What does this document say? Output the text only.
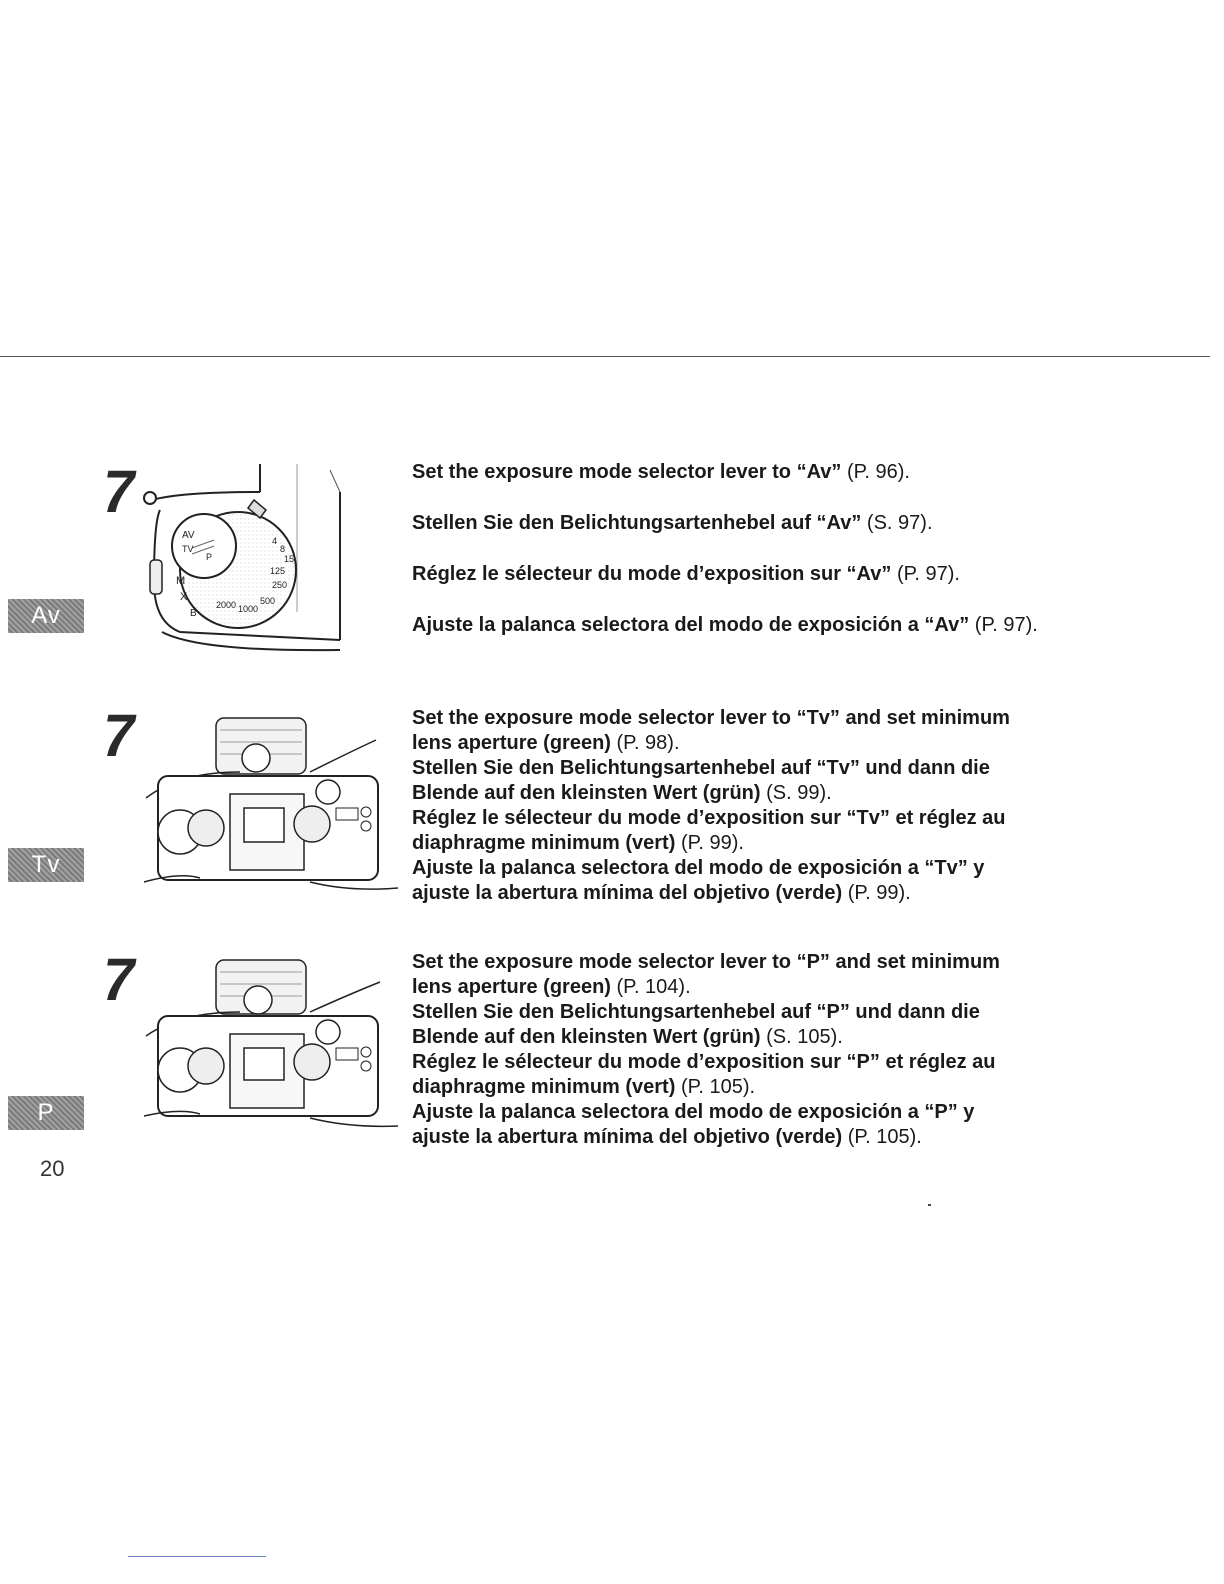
7
Av
AV
TV
P
M
X
B
4
8
15
125
250
500
1000
2000
Set the exposure mode selector lever to “Av” (P. 96).
Stellen Sie den Belichtungsartenhebel auf “Av” (S. 97).
Réglez le sélecteur du mode d’exposition sur “Av” (P. 97).
Ajuste la palanca selectora del modo de exposición a “Av” (P. 97).
7
Tv
Set the exposure mode selector lever to “Tv” and set minimum
lens aperture (green) (P. 98).
Stellen Sie den Belichtungsartenhebel auf “Tv” und dann die
Blende auf den kleinsten Wert (grün) (S. 99).
Réglez le sélecteur du mode d’exposition sur “Tv” et réglez au
diaphragme minimum (vert) (P. 99).
Ajuste la palanca selectora del modo de exposición a “Tv” y
ajuste la abertura mínima del objetivo (verde) (P. 99).
7
P
Set the exposure mode selector lever to “P” and set minimum
lens aperture (green) (P. 104).
Stellen Sie den Belichtungsartenhebel auf “P” und dann die
Blende auf den kleinsten Wert (grün) (S. 105).
Réglez le sélecteur du mode d’exposition sur “P” et réglez au
diaphragme minimum (vert) (P. 105).
Ajuste la palanca selectora del modo de exposición a “P” y
ajuste la abertura mínima del objetivo (verde) (P. 105).
20
